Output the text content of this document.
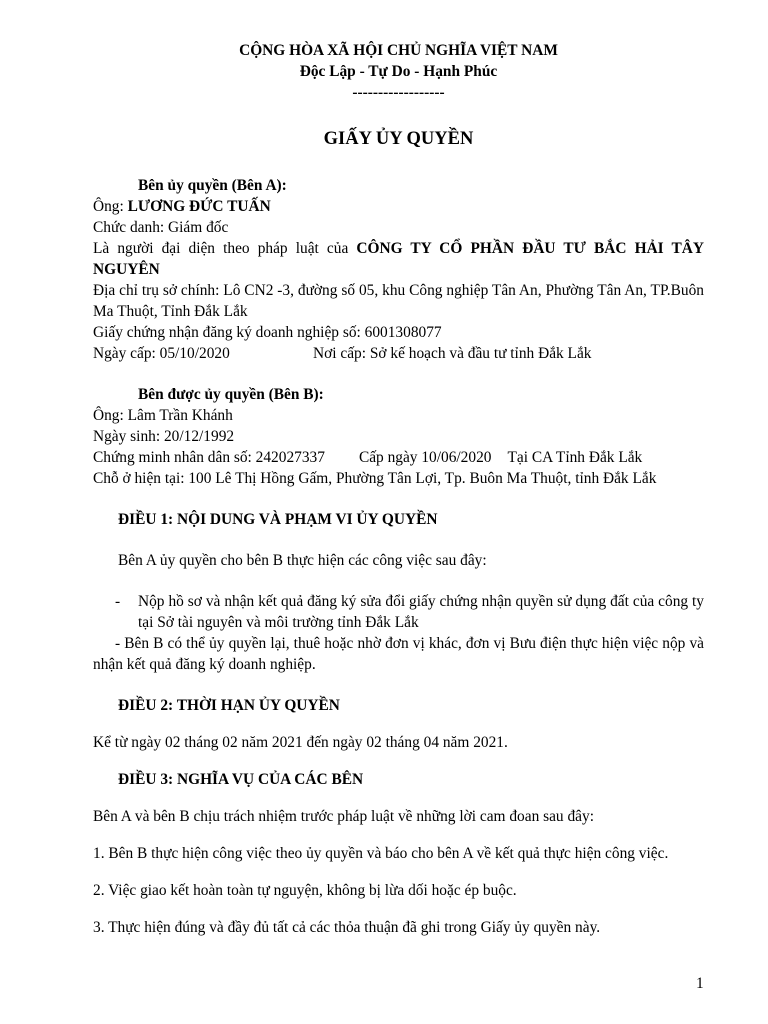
CỘNG HÒA XÃ HỘI CHỦ NGHĨA VIỆT NAM

Độc Lập - Tự Do - Hạnh Phúc

------------------

GIẤY ỦY QUYỀN

Bên ủy quyền (Bên A):

Ông: LƯƠNG ĐỨC TUẤN

Chức danh: Giám đốc

Là người đại diện theo pháp luật của CÔNG TY CỔ PHẦN ĐẦU TƯ BẮC HẢI TÂY NGUYÊN

Địa chỉ trụ sở chính: Lô CN2 -3, đường số 05, khu Công nghiệp Tân An, Phường Tân An, TP.Buôn Ma Thuột, Tỉnh Đắk Lắk

Giấy chứng nhận đăng ký doanh nghiệp số: 6001308077

Ngày cấp: 05/10/2020	Nơi cấp: Sở kế hoạch và đầu tư tỉnh Đắk Lắk

Bên được ủy quyền (Bên B):

Ông: Lâm Trần Khánh

Ngày sinh: 20/12/1992

Chứng minh nhân dân số: 242027337 Cấp ngày 10/06/2020 Tại CA Tỉnh Đắk Lắk

Chỗ ở hiện tại: 100 Lê Thị Hồng Gấm, Phường Tân Lợi, Tp. Buôn Ma Thuột, tỉnh Đắk Lắk

ĐIỀU 1: NỘI DUNG VÀ PHẠM VI ỦY QUYỀN

Bên A ủy quyền cho bên B thực hiện các công việc sau đây:

- Nộp hồ sơ và nhận kết quả đăng ký sửa đổi giấy chứng nhận quyền sử dụng đất của công ty tại Sở tài nguyên và môi trường tỉnh Đắk Lắk

- Bên B có thể ủy quyền lại, thuê hoặc nhờ đơn vị khác, đơn vị Bưu điện thực hiện việc nộp và nhận kết quả đăng ký doanh nghiệp.

ĐIỀU 2: THỜI HẠN ỦY QUYỀN

Kể từ ngày 02 tháng 02 năm 2021 đến ngày 02 tháng 04 năm 2021.

ĐIỀU 3: NGHĨA VỤ CỦA CÁC BÊN

Bên A và bên B chịu trách nhiệm trước pháp luật về những lời cam đoan sau đây:

1. Bên B thực hiện công việc theo ủy quyền và báo cho bên A về kết quả thực hiện công việc.

2. Việc giao kết hoàn toàn tự nguyện, không bị lừa dối hoặc ép buộc.

3. Thực hiện đúng và đầy đủ tất cả các thỏa thuận đã ghi trong Giấy ủy quyền này.

1
